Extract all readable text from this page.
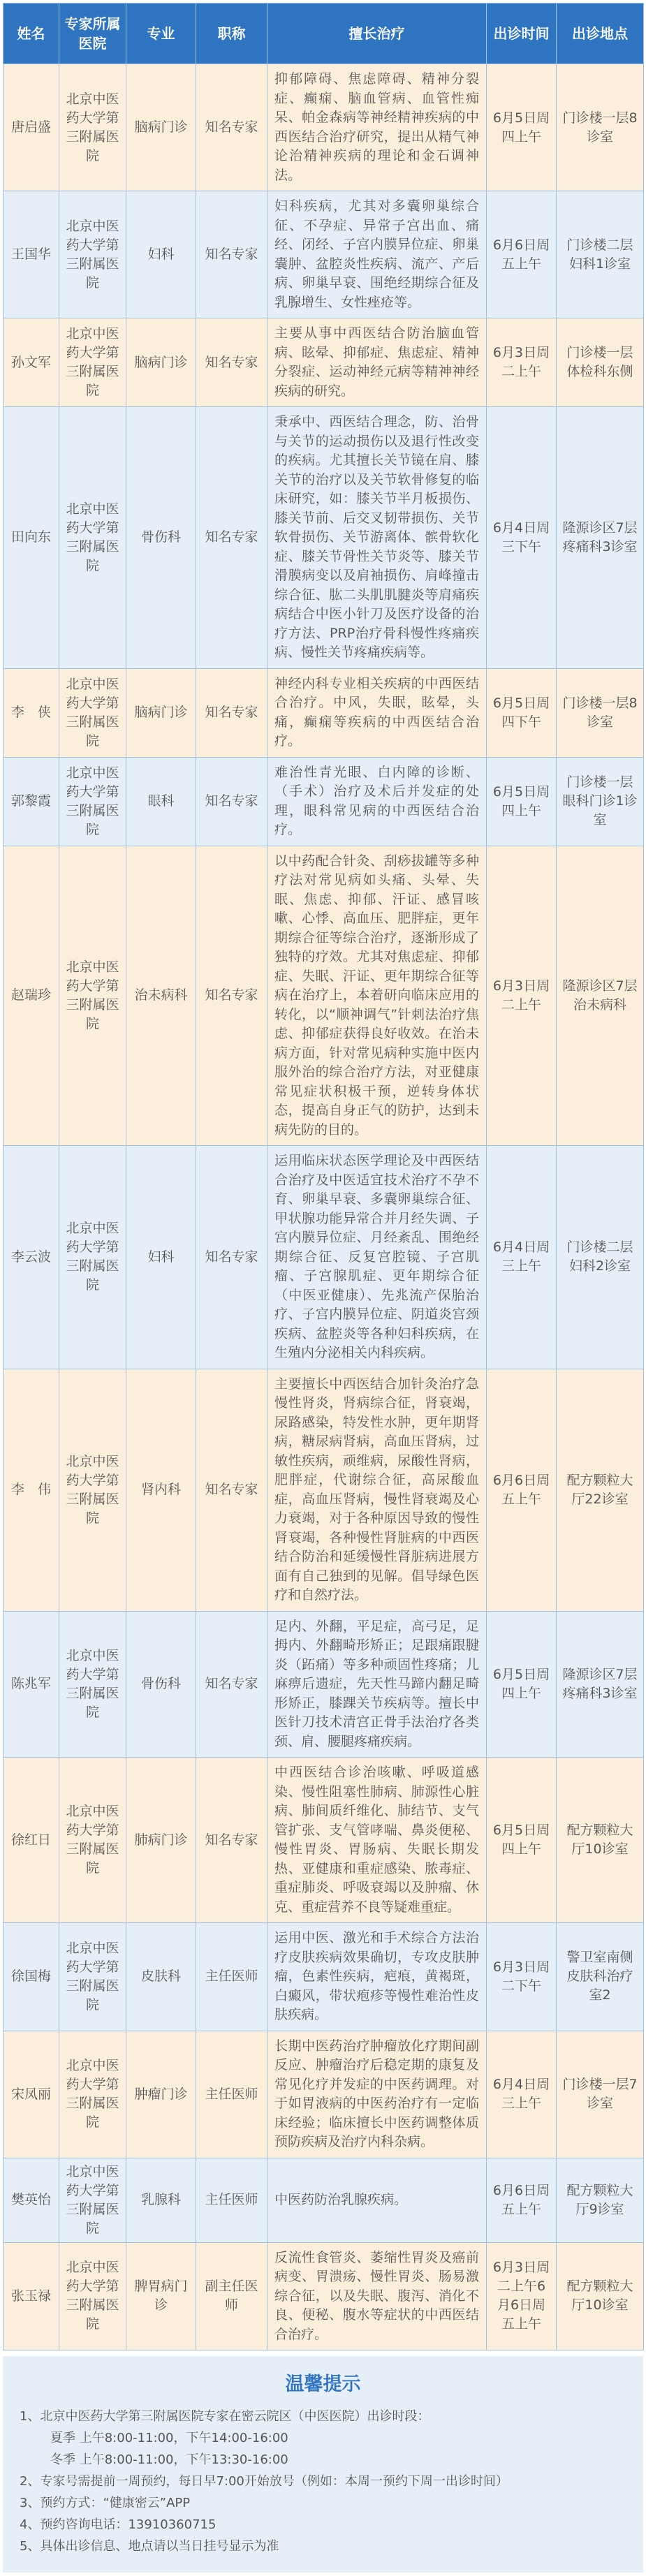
姓名	专家所属医院	专业	职称	擅长治疗	出诊时间	出诊地点
唐启盛	北京中医药大学第三附属医院	脑病门诊	知名专家	抑郁障碍、焦虑障碍、精神分裂症、癫痫、脑血管病、血管性痴呆、帕金森病等神经精神疾病的中西医结合治疗研究，提出从精气神论治精神疾病的理论和金石调神法。	6月5日周四上午	门诊楼一层8诊室
王国华	北京中医药大学第三附属医院	妇科	知名专家	妇科疾病，尤其对多囊卵巢综合征、不孕症、异常子宫出血、痛经、闭经、子宫内膜异位症、卵巢囊肿、盆腔炎性疾病、流产、产后病、卵巢早衰、围绝经期综合征及乳腺增生、女性痤疮等。	6月6日周五上午	门诊楼二层妇科1诊室
孙文军	北京中医药大学第三附属医院	脑病门诊	知名专家	主要从事中西医结合防治脑血管病、眩晕、抑郁症、焦虑症、精神分裂症、运动神经元病等精神神经疾病的研究。	6月3日周二上午	门诊楼一层体检科东侧
田向东	北京中医药大学第三附属医院	骨伤科	知名专家	秉承中、西医结合理念，防、治骨与关节的运动损伤以及退行性改变的疾病。尤其擅长关节镜在肩、膝关节的治疗以及关节软骨修复的临床研究，如：膝关节半月板损伤、膝关节前、后交叉韧带损伤、关节软骨损伤、关节游离体、髌骨软化症、膝关节骨性关节炎等、膝关节滑膜病变以及肩袖损伤、肩峰撞击综合征、肱二头肌肌腱炎等肩痛疾病结合中医小针刀及医疗设备的治疗方法、PRP治疗骨科慢性疼痛疾病、慢性关节疼痛疾病等。	6月4日周三下午	隆源诊区7层疼痛科3诊室
李　侠	北京中医药大学第三附属医院	脑病门诊	知名专家	神经内科专业相关疾病的中西医结合治疗。中风，失眠，眩晕，头痛，癫痫等疾病的中西医结合治疗。	6月5日周四下午	门诊楼一层8诊室
郭黎霞	北京中医药大学第三附属医院	眼科	知名专家	难治性青光眼、白内障的诊断、（手术）治疗及术后并发症的处理，眼科常见病的中西医结合治疗。	6月5日周四上午	门诊楼一层眼科门诊1诊室
赵瑞珍	北京中医药大学第三附属医院	治未病科	知名专家	以中药配合针灸、刮痧拔罐等多种疗法对常见病如头痛、头晕、失眠、焦虑、抑郁、汗证、感冒咳嗽、心悸、高血压、肥胖症，更年期综合征等综合治疗，逐渐形成了独特的疗效。尤其对焦虑症、抑郁症、失眠、汗证、更年期综合征等病在治疗上，本着研向临床应用的转化，以“顺神调气”针刺法治疗焦虑、抑郁症获得良好收效。在治未病方面，针对常见病种实施中医内服外治的综合治疗方法，对亚健康常见症状积极干预，逆转身体状态，提高自身正气的防护，达到未病先防的目的。	6月3日周二上午	隆源诊区7层治未病科
李云波	北京中医药大学第三附属医院	妇科	知名专家	运用临床状态医学理论及中西医结合治疗及中医适宜技术治疗不孕不育、卵巢早衰、多囊卵巢综合征、甲状腺功能异常合并月经失调、子宫内膜异位症、月经紊乱、围绝经期综合征、反复宫腔镜、子宫肌瘤、子宫腺肌症、更年期综合征（中医亚健康）、先兆流产保胎治疗、子宫内膜异位症、阴道炎宫颈疾病、盆腔炎等各种妇科疾病，在生殖内分泌相关内科疾病。	6月4日周三上午	门诊楼二层妇科2诊室
李　伟	北京中医药大学第三附属医院	肾内科	知名专家	主要擅长中西医结合加针灸治疗急慢性肾炎，肾病综合征，肾衰竭，尿路感染，特发性水肿，更年期肾病，糖尿病肾病，高血压肾病，过敏性疾病，顽维病，尿酸性肾病，肥胖症，代谢综合征，高尿酸血症，高血压肾病，慢性肾衰竭及心力衰竭，对于各种原因导致的慢性肾衰竭，各种慢性肾脏病的中西医结合防治和延缓慢性肾脏病进展方面有自己独到的见解。倡导绿色医疗和自然疗法。	6月6日周五上午	配方颗粒大厅22诊室
陈兆军	北京中医药大学第三附属医院	骨伤科	知名专家	足内、外翻，平足症，高弓足，足拇内、外翻畸形矫正；足跟痛跟腱炎（跖痛）等多种顽固性疼痛；儿麻痹后遗症，先天性马蹄内翻足畸形矫正，膝踝关节疾病等。擅长中医针刀技术清宫正骨手法治疗各类颈、肩、腰腿疼痛疾病。	6月5日周四上午	隆源诊区7层疼痛科3诊室
徐红日	北京中医药大学第三附属医院	肺病门诊	知名专家	中西医结合诊治咳嗽、呼吸道感染、慢性阻塞性肺病、肺源性心脏病、肺间质纤维化、肺结节、支气管扩张、支气管哮喘、鼻炎便秘、慢性胃炎、胃肠病、失眠长期发热、亚健康和重症感染、脓毒症、重症肺炎、呼吸衰竭以及肿瘤、休克、重症营养不良等疑难重症。	6月5日周四上午	配方颗粒大厅10诊室
徐国梅	北京中医药大学第三附属医院	皮肤科	主任医师	运用中医、激光和手术综合方法治疗皮肤疾病效果确切，专攻皮肤肿瘤，色素性疾病，疤痕，黄褐斑，白癜风，带状疱疹等慢性难治性皮肤疾病。	6月3日周二下午	警卫室南侧皮肤科治疗室2
宋凤丽	北京中医药大学第三附属医院	肿瘤门诊	主任医师	长期中医药治疗肿瘤放化疗期间副反应、肿瘤治疗后稳定期的康复及常见化疗并发症的中医药调理。对于如胃液病的中医药治疗有一定临床经验；临床擅长中医药调整体质预防疾病及治疗内科杂病。	6月4日周三上午	门诊楼一层7诊室
樊英怡	北京中医药大学第三附属医院	乳腺科	主任医师	中医药防治乳腺疾病。	6月6日周五上午	配方颗粒大厅9诊室
张玉禄	北京中医药大学第三附属医院	脾胃病门诊	副主任医师	反流性食管炎、萎缩性胃炎及癌前病变、胃溃疡、慢性胃炎、肠易激综合征，以及失眠、腹泻、消化不良、便秘、腹水等症状的中西医结合治疗。	6月3日周二上午6月6日周五上午	配方颗粒大厅10诊室
温馨提示
1、北京中医药大学第三附属医院专家在密云院区（中医医院）出诊时段：
夏季 上午8:00-11:00，下午14:00-16:00
冬季 上午8:00-11:00，下午13:30-16:00
2、专家号需提前一周预约，每日早7:00开始放号（例如：本周一预约下周一出诊时间）
3、预约方式：“健康密云”APP
4、预约咨询电话：13910360715
5、具体出诊信息、地点请以当日挂号显示为准
